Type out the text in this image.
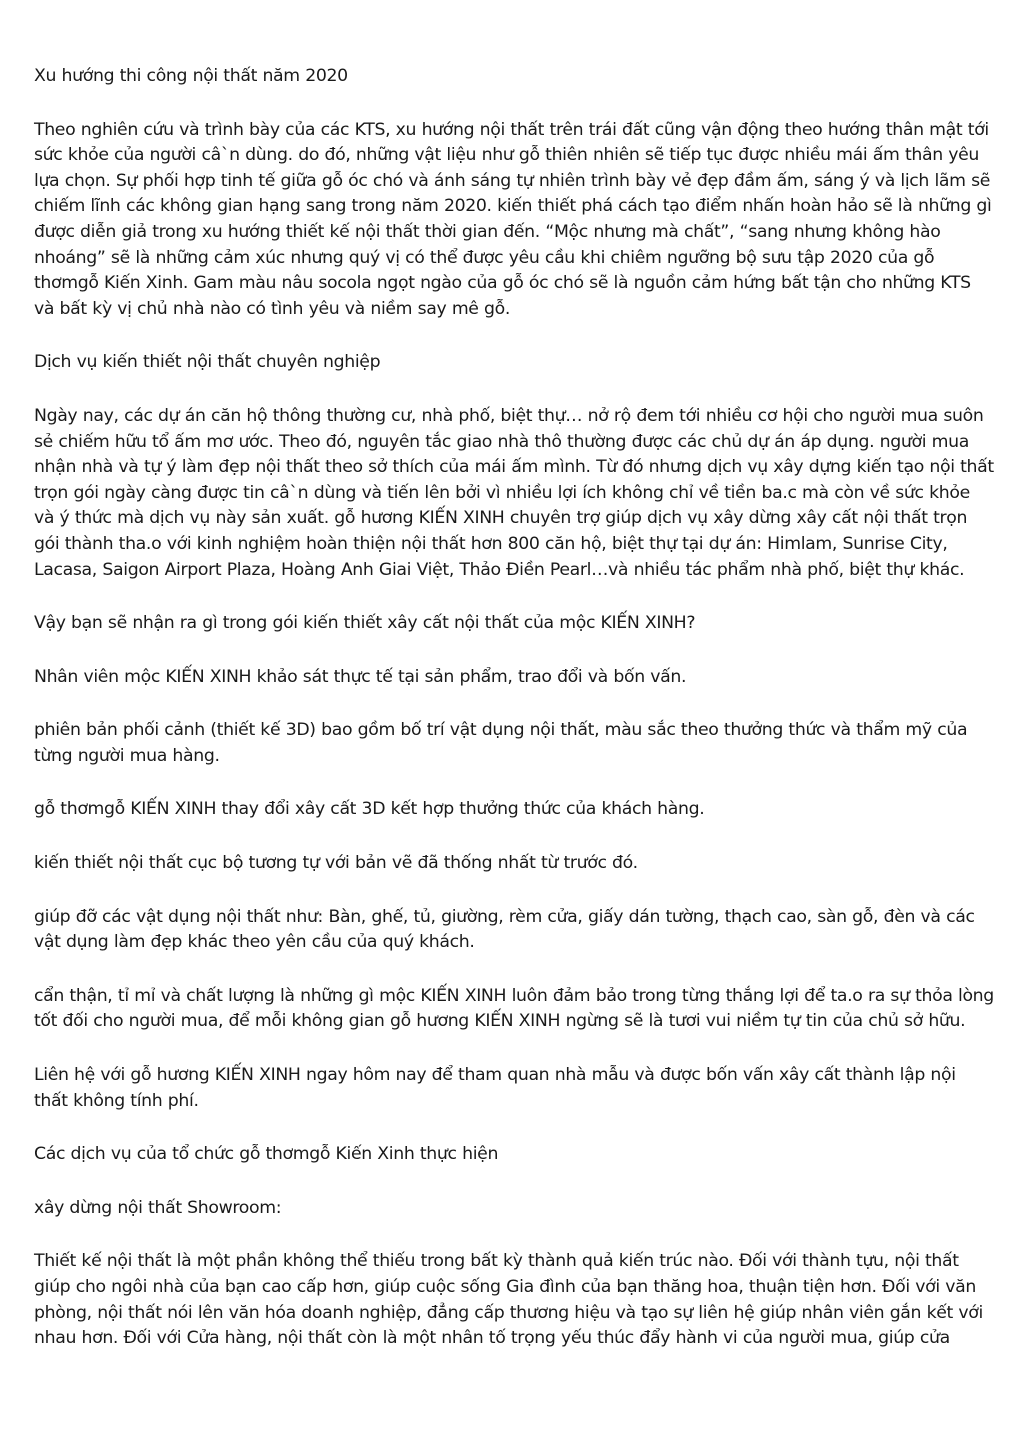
Xu hướng thi công nội thất năm 2020

Theo nghiên cứu và trình bày của các KTS, xu hướng nội thất trên trái đất cũng vận động theo hướng thân mật tới sức khỏe của người câ`n dùng. do đó, những vật liệu như gỗ thiên nhiên sẽ tiếp tục được nhiều mái ấm thân yêu lựa chọn. Sự phối hợp tinh tế giữa gỗ óc chó và ánh sáng tự nhiên trình bày vẻ đẹp đầm ấm, sáng ý và lịch lãm sẽ chiếm lĩnh các không gian hạng sang trong năm 2020. kiến thiết phá cách tạo điểm nhấn hoàn hảo sẽ là những gì được diễn giả trong xu hướng thiết kế nội thất thời gian đến. “Mộc nhưng mà chất”, “sang nhưng không hào nhoáng” sẽ là những cảm xúc nhưng quý vị có thể được yêu cầu khi chiêm ngưỡng bộ sưu tập 2020 của gỗ thơmgỗ Kiến Xinh. Gam màu nâu socola ngọt ngào của gỗ óc chó sẽ là nguồn cảm hứng bất tận cho những KTS và bất kỳ vị chủ nhà nào có tình yêu và niềm say mê gỗ.

Dịch vụ kiến thiết nội thất chuyên nghiệp

Ngày nay, các dự án căn hộ thông thường cư, nhà phố, biệt thự… nở rộ đem tới nhiều cơ hội cho người mua suôn sẻ chiếm hữu tổ ấm mơ ước. Theo đó, nguyên tắc giao nhà thô thường được các chủ dự án áp dụng. người mua nhận nhà và tự ý làm đẹp nội thất theo sở thích của mái ấm mình. Từ đó nhưng dịch vụ xây dựng kiến tạo nội thất trọn gói ngày càng được tin câ`n dùng và tiến lên bởi vì nhiều lợi ích không chỉ về tiền ba.c mà còn về sức khỏe và ý thức mà dịch vụ này sản xuất. gỗ hương KIẾN XINH chuyên trợ giúp dịch vụ xây dừng xây cất nội thất trọn gói thành tha.o với kinh nghiệm hoàn thiện nội thất hơn 800 căn hộ, biệt thự tại dự án: Himlam, Sunrise City, Lacasa, Saigon Airport Plaza, Hoàng Anh Giai Việt, Thảo Điền Pearl…và nhiều tác phẩm nhà phố, biệt thự khác.

Vậy bạn sẽ nhận ra gì trong gói kiến thiết xây cất nội thất của mộc KIẾN XINH?

Nhân viên mộc KIẾN XINH khảo sát thực tế tại sản phẩm, trao đổi và bốn vấn.

phiên bản phối cảnh (thiết kế 3D) bao gồm bố trí vật dụng nội thất, màu sắc theo thưởng thức và thẩm mỹ của từng người mua hàng.

gỗ thơmgỗ KIẾN XINH thay đổi xây cất 3D kết hợp thưởng thức của khách hàng.

kiến thiết nội thất cục bộ tương tự với bản vẽ đã thống nhất từ trước đó.

giúp đỡ các vật dụng nội thất như: Bàn, ghế, tủ, giường, rèm cửa, giấy dán tường, thạch cao, sàn gỗ, đèn và các vật dụng làm đẹp khác theo yên cầu của quý khách.

cẩn thận, tỉ mỉ và chất lượng là những gì mộc KIẾN XINH luôn đảm bảo trong từng thắng lợi để ta.o ra sự thỏa lòng tốt đối cho người mua, để mỗi không gian gỗ hương KIẾN XINH ngừng sẽ là tươi vui niềm tự tin của chủ sở hữu.

Liên hệ với gỗ hương KIẾN XINH ngay hôm nay để tham quan nhà mẫu và được bốn vấn xây cất thành lập nội thất không tính phí.

Các dịch vụ của tổ chức gỗ thơmgỗ Kiến Xinh thực hiện

xây dừng nội thất Showroom:

Thiết kế nội thất là một phần không thể thiếu trong bất kỳ thành quả kiến trúc nào. Đối với thành tựu, nội thất giúp cho ngôi nhà của bạn cao cấp hơn, giúp cuộc sống Gia đình của bạn thăng hoa, thuận tiện hơn. Đối với văn phòng, nội thất nói lên văn hóa doanh nghiệp, đẳng cấp thương hiệu và tạo sự liên hệ giúp nhân viên gắn kết với nhau hơn. Đối với Cửa hàng, nội thất còn là một nhân tố trọng yếu thúc đẩy hành vi của người mua, giúp cửa
